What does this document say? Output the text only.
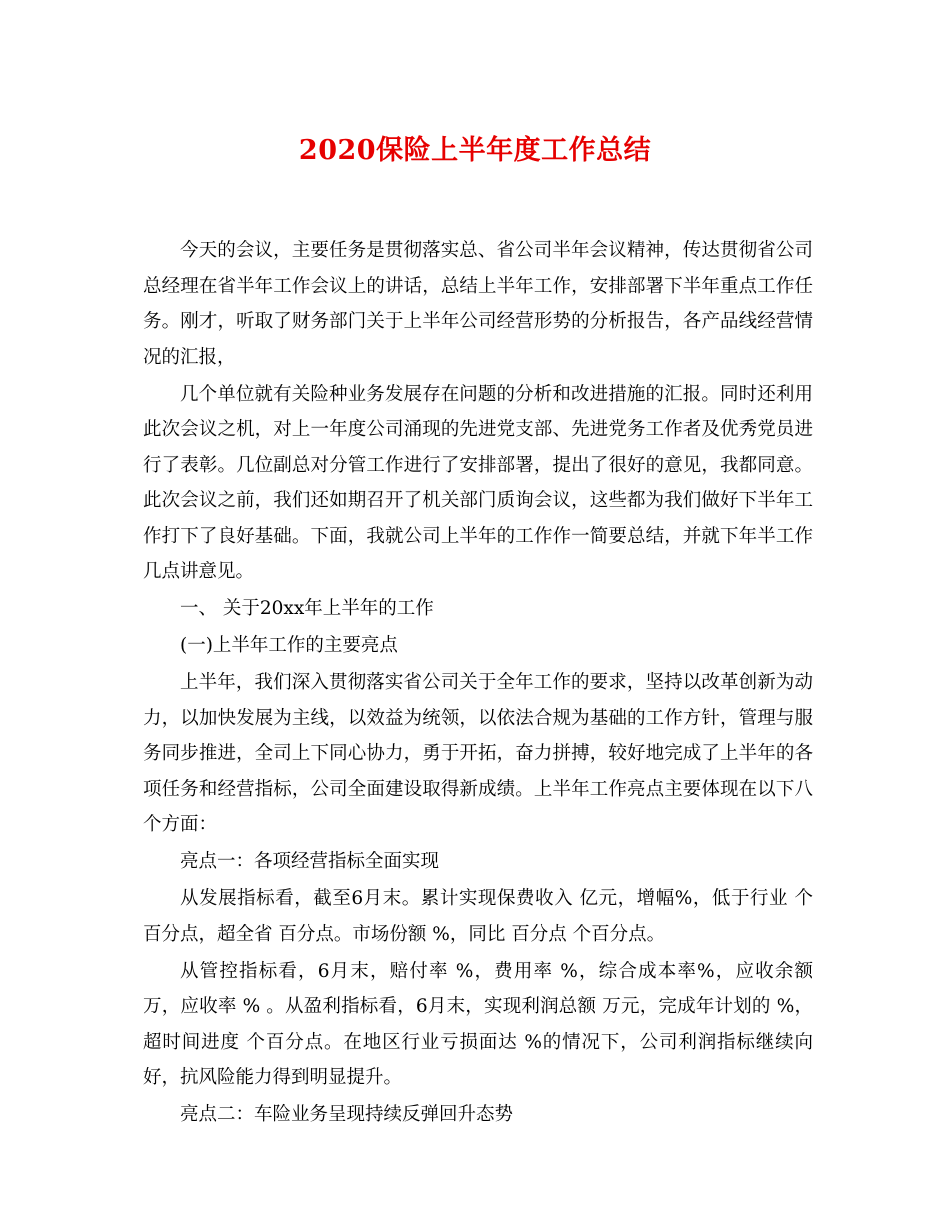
2020保险上半年度工作总结

今天的会议，主要任务是贯彻落实总、省公司半年会议精神，传达贯彻省公司总经理在省半年工作会议上的讲话，总结上半年工作，安排部署下半年重点工作任务。刚才，听取了财务部门关于上半年公司经营形势的分析报告，各产品线经营情况的汇报，

几个单位就有关险种业务发展存在问题的分析和改进措施的汇报。同时还利用此次会议之机，对上一年度公司涌现的先进党支部、先进党务工作者及优秀党员进行了表彰。几位副总对分管工作进行了安排部署，提出了很好的意见，我都同意。此次会议之前，我们还如期召开了机关部门质询会议，这些都为我们做好下半年工作打下了良好基础。下面，我就公司上半年的工作作一简要总结，并就下年半工作几点讲意见。

一、 关于20xx年上半年的工作

(一)上半年工作的主要亮点

上半年，我们深入贯彻落实省公司关于全年工作的要求，坚持以改革创新为动力，以加快发展为主线，以效益为统领，以依法合规为基础的工作方针，管理与服务同步推进，全司上下同心协力，勇于开拓，奋力拼搏，较好地完成了上半年的各项任务和经营指标，公司全面建设取得新成绩。上半年工作亮点主要体现在以下八个方面：

亮点一：各项经营指标全面实现

从发展指标看，截至6月末。累计实现保费收入 亿元，增幅%，低于行业 个百分点，超全省 百分点。市场份额 %，同比 百分点 个百分点。

从管控指标看，6月末，赔付率 %，费用率 %，综合成本率%，应收余额 万，应收率 % 。从盈利指标看，6月末，实现利润总额 万元，完成年计划的 %，超时间进度 个百分点。在地区行业亏损面达 %的情况下，公司利润指标继续向好，抗风险能力得到明显提升。

亮点二：车险业务呈现持续反弹回升态势
